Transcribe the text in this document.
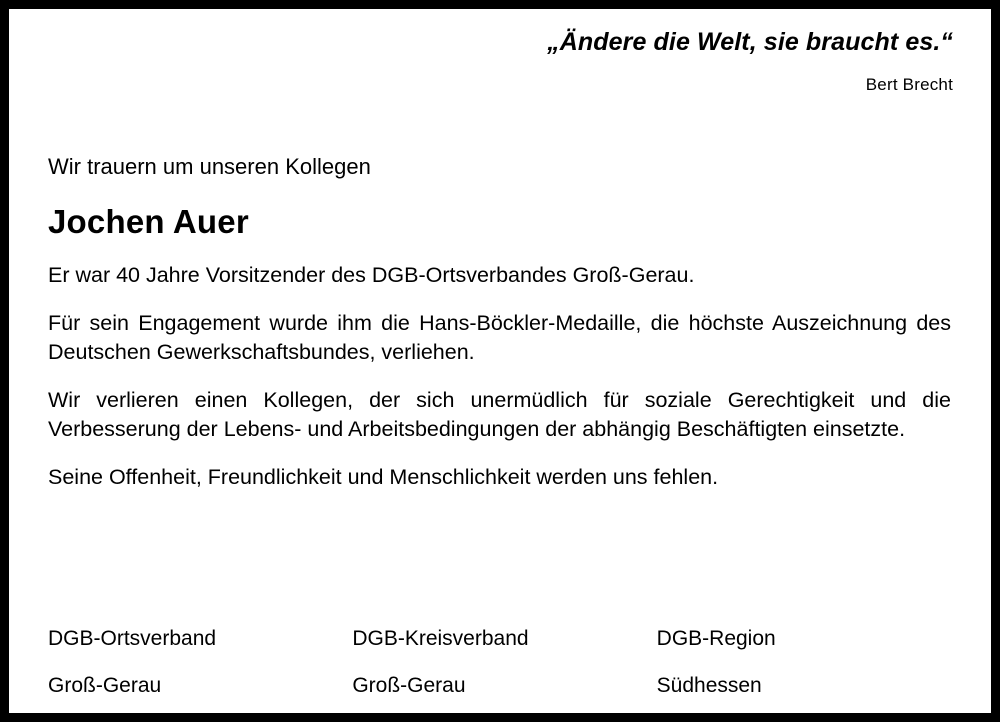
„Ändere die Welt, sie braucht es.“
Bert Brecht

Wir trauern um unseren Kollegen

Jochen Auer

Er war 40 Jahre Vorsitzender des DGB-Ortsverbandes Groß-Gerau.

Für sein Engagement wurde ihm die Hans-Böckler-Medaille, die höchste Auszeichnung des Deutschen Gewerkschaftsbundes, verliehen.

Wir verlieren einen Kollegen, der sich unermüdlich für soziale Gerechtigkeit und die Verbesserung der Lebens- und Arbeitsbedingungen der abhängig Beschäftigten einsetzte.

Seine Offenheit, Freundlichkeit und Menschlichkeit werden uns fehlen.

DGB-Ortsverband
Groß-Gerau
DGB-Kreisverband
Groß-Gerau
DGB-Region
Südhessen
